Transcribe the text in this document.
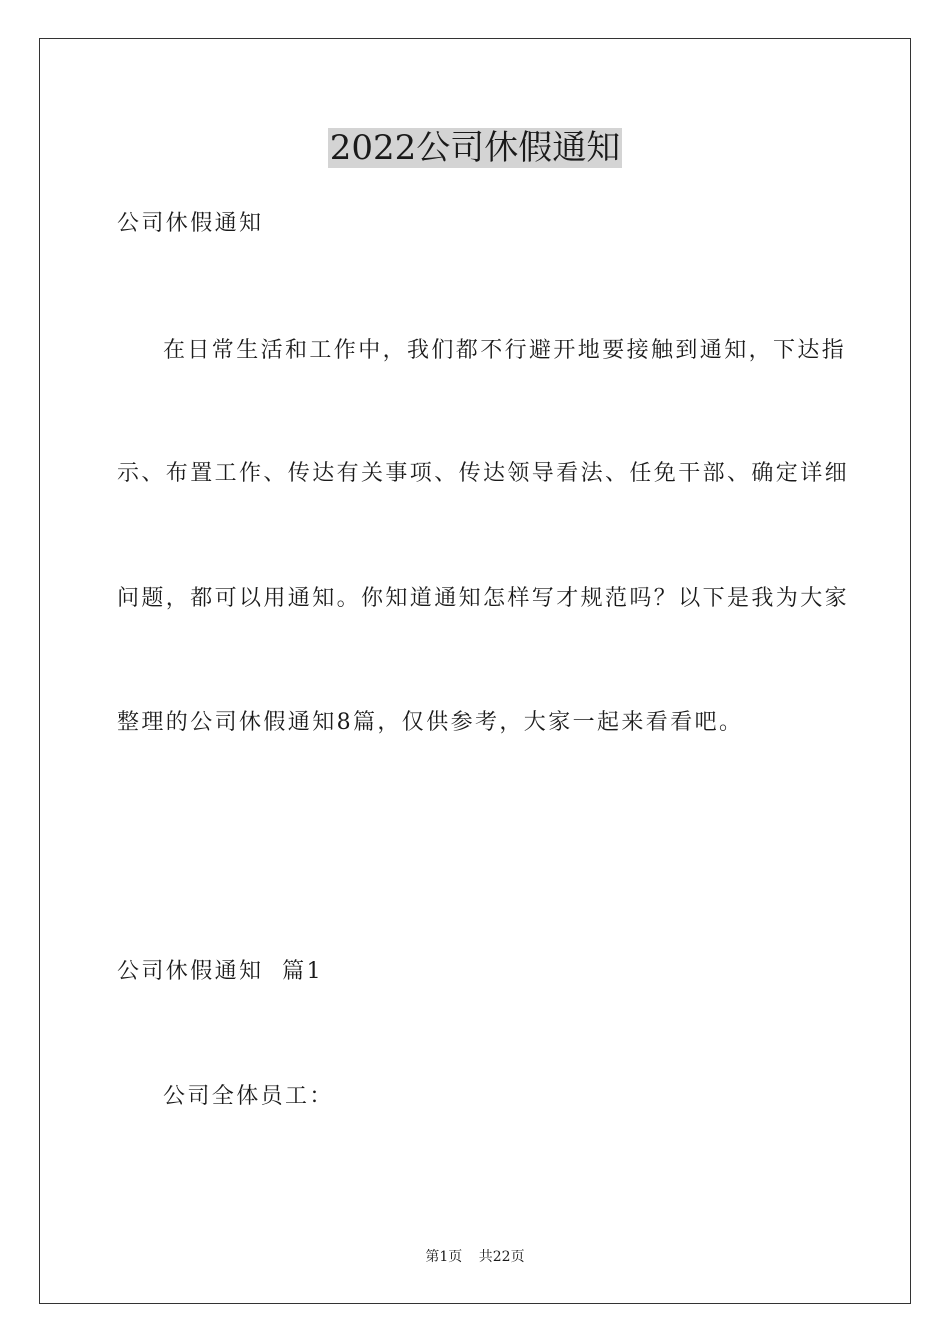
2022公司休假通知
公司休假通知
在日常生活和工作中，我们都不行避开地要接触到通知，下达指
示、布置工作、传达有关事项、传达领导看法、任免干部、确定详细
问题，都可以用通知。你知道通知怎样写才规范吗？以下是我为大家
整理的公司休假通知8篇，仅供参考，大家一起来看看吧。
公司休假通知  篇1
公司全体员工：
第1页 共22页
